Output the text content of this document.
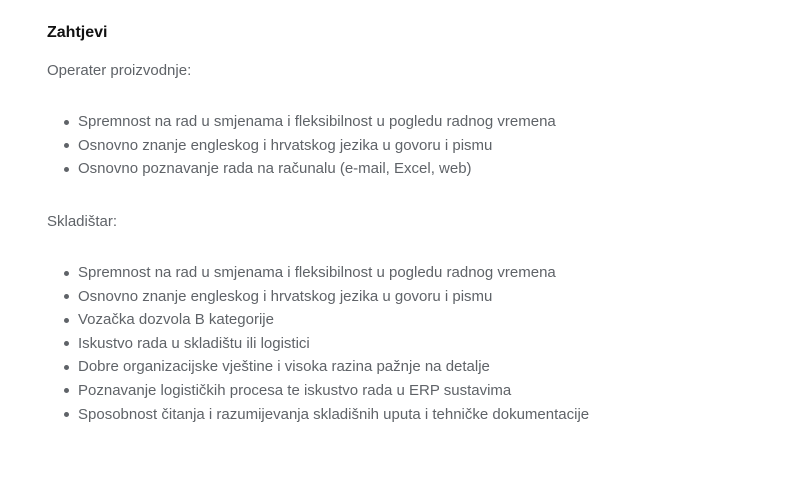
Zahtjevi

Operater proizvodnje:

Spremnost na rad u smjenama i fleksibilnost u pogledu radnog vremena
Osnovno znanje engleskog i hrvatskog jezika u govoru i pismu
Osnovno poznavanje rada na računalu (e-mail, Excel, web)

Skladištar:

Spremnost na rad u smjenama i fleksibilnost u pogledu radnog vremena
Osnovno znanje engleskog i hrvatskog jezika u govoru i pismu
Vozačka dozvola B kategorije
Iskustvo rada u skladištu ili logistici
Dobre organizacijske vještine i visoka razina pažnje na detalje
Poznavanje logističkih procesa te iskustvo rada u ERP sustavima
Sposobnost čitanja i razumijevanja skladišnih uputa i tehničke dokumentacije
